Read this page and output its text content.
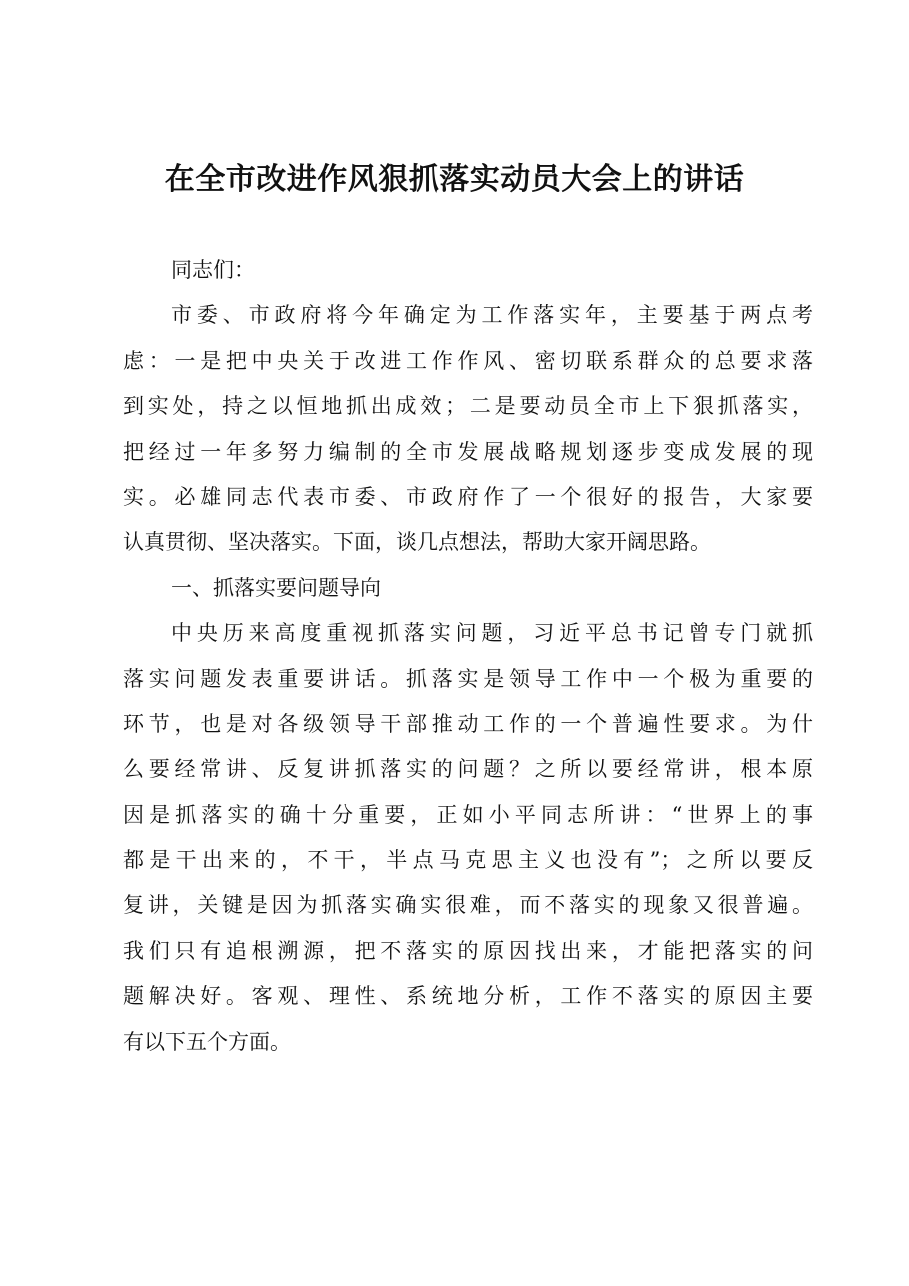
在全市改进作风狠抓落实动员大会上的讲话
同志们：
市委、市政府将今年确定为工作落实年，主要基于两点考
虑：一是把中央关于改进工作作风、密切联系群众的总要求落
到实处，持之以恒地抓出成效；二是要动员全市上下狠抓落实，
把经过一年多努力编制的全市发展战略规划逐步变成发展的现
实。必雄同志代表市委、市政府作了一个很好的报告，大家要
认真贯彻、坚决落实。下面，谈几点想法，帮助大家开阔思路。
一、抓落实要问题导向
中央历来高度重视抓落实问题，习近平总书记曾专门就抓
落实问题发表重要讲话。抓落实是领导工作中一个极为重要的
环节，也是对各级领导干部推动工作的一个普遍性要求。为什
么要经常讲、反复讲抓落实的问题？之所以要经常讲，根本原
因是抓落实的确十分重要，正如小平同志所讲：“世界上的事
都是干出来的，不干，半点马克思主义也没有”；之所以要反
复讲，关键是因为抓落实确实很难，而不落实的现象又很普遍。
我们只有追根溯源，把不落实的原因找出来，才能把落实的问
题解决好。客观、理性、系统地分析，工作不落实的原因主要
有以下五个方面。
